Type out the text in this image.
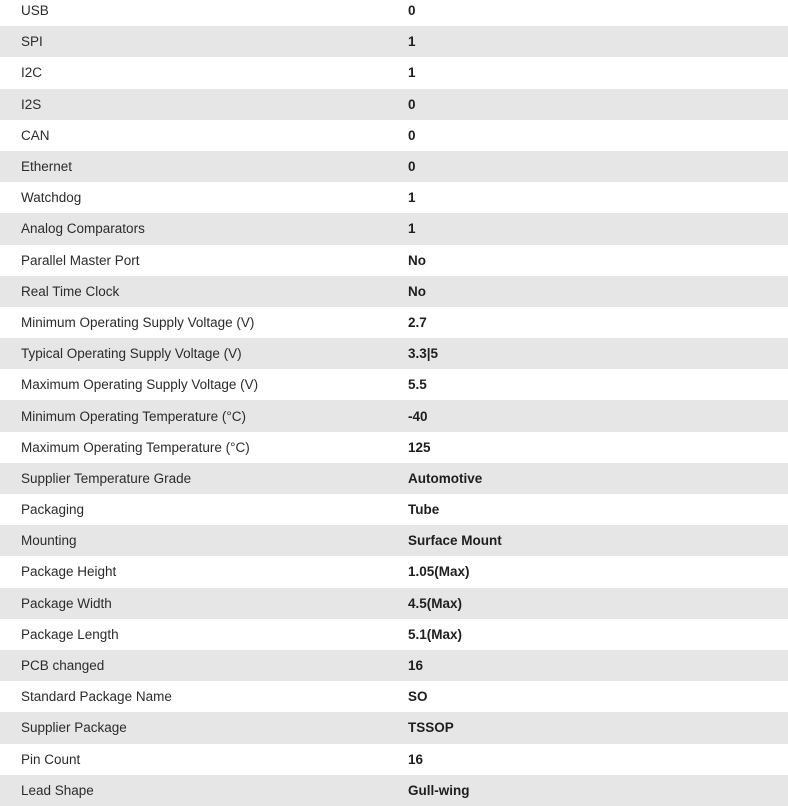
USB	0
SPI	1
I2C	1
I2S	0
CAN	0
Ethernet	0
Watchdog	1
Analog Comparators	1
Parallel Master Port	No
Real Time Clock	No
Minimum Operating Supply Voltage (V)	2.7
Typical Operating Supply Voltage (V)	3.3|5
Maximum Operating Supply Voltage (V)	5.5
Minimum Operating Temperature (°C)	-40
Maximum Operating Temperature (°C)	125
Supplier Temperature Grade	Automotive
Packaging	Tube
Mounting	Surface Mount
Package Height	1.05(Max)
Package Width	4.5(Max)
Package Length	5.1(Max)
PCB changed	16
Standard Package Name	SO
Supplier Package	TSSOP
Pin Count	16
Lead Shape	Gull-wing
